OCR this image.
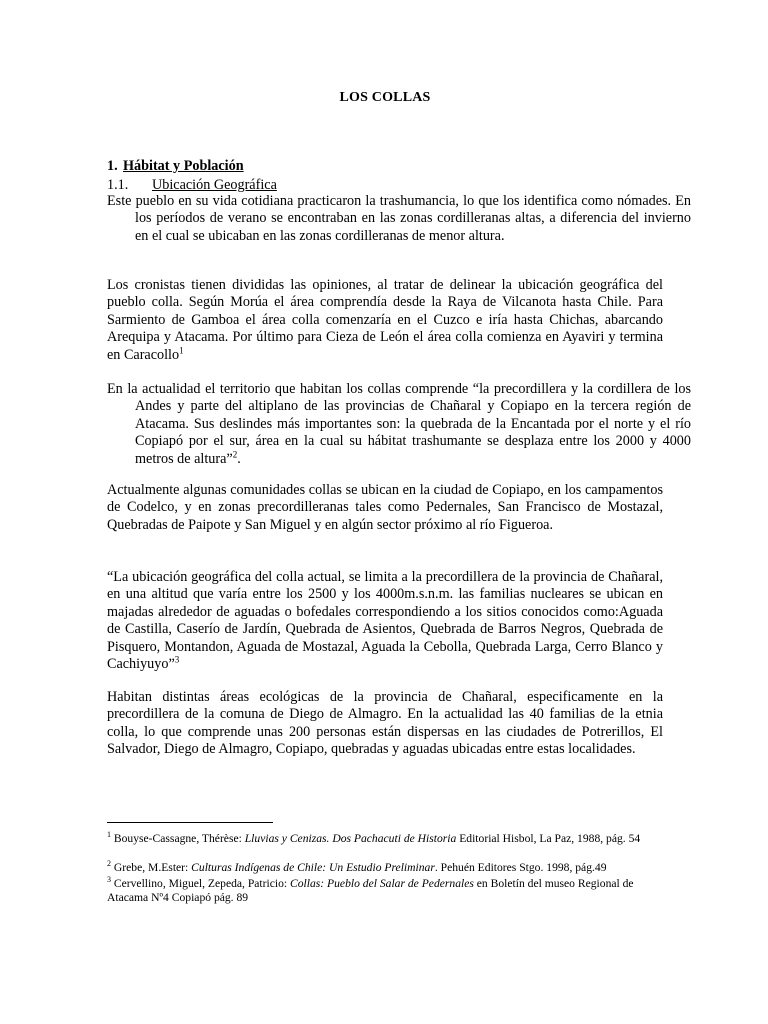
LOS COLLAS
1. Hábitat y Población
1.1. Ubicación Geográfica

Este pueblo en su vida cotidiana practicaron la trashumancia, lo que los identifica como nómades. En los períodos de verano se encontraban en las zonas cordilleranas altas, a diferencia del invierno en el cual se ubicaban en las zonas cordilleranas de menor altura.

Los cronistas tienen divididas las opiniones, al tratar de delinear la ubicación geográfica del pueblo colla. Según Morúa el área comprendía desde la Raya de Vilcanota hasta Chile. Para Sarmiento de Gamboa el área colla comenzaría en el Cuzco e iría hasta Chichas, abarcando Arequipa y Atacama. Por último para Cieza de León el área colla comienza en Ayaviri y termina en Caracollo$^1$

En la actualidad el territorio que habitan los collas comprende “la precordillera y la cordillera de los Andes y parte del altiplano de las provincias de Chañaral y Copiapo en la tercera región de Atacama. Sus deslindes más importantes son: la quebrada de la Encantada por el norte y el río Copiapó por el sur, área en la cual su hábitat trashumante se desplaza entre los 2000 y 4000 metros de altura”$^2$.

Actualmente algunas comunidades collas se ubican en la ciudad de Copiapo, en los campamentos de Codelco, y en zonas precordilleranas tales como Pedernales, San Francisco de Mostazal, Quebradas de Paipote y San Miguel y en algún sector próximo al río Figueroa.

“La ubicación geográfica del colla actual, se limita a la precordillera de la provincia de Chañaral, en una altitud que varía entre los 2500 y los 4000m.s.n.m. las familias nucleares se ubican en majadas alrededor de aguadas o bofedales correspondiendo a los sitios conocidos como:Aguada de Castilla, Caserío de Jardín, Quebrada de Asientos, Quebrada de Barros Negros, Quebrada de Pisquero, Montandon, Aguada de Mostazal, Aguada la Cebolla, Quebrada Larga, Cerro Blanco y Cachiyuyo”$^3$

Habitan distintas áreas ecológicas de la provincia de Chañaral, especificamente en la precordillera de la comuna de Diego de Almagro. En la actualidad las 40 familias de la etnia colla, lo que comprende unas 200 personas están dispersas en las ciudades de Potrerillos, El Salvador, Diego de Almagro, Copiapo, quebradas y aguadas ubicadas entre estas localidades.

$^1$ Bouyse-Cassagne, Thérèse: Lluvias y Cenizas. Dos Pachacuti de Historia Editorial Hisbol, La Paz, 1988, pág. 54
$^2$ Grebe, M.Ester: Culturas Indígenas de Chile: Un Estudio Preliminar. Pehuén Editores Stgo. 1998, pág.49
$^3$ Cervellino, Miguel, Zepeda, Patricio: Collas: Pueblo del Salar de Pedernales en Boletín del museo Regional de Atacama Nº4 Copiapó pág. 89
